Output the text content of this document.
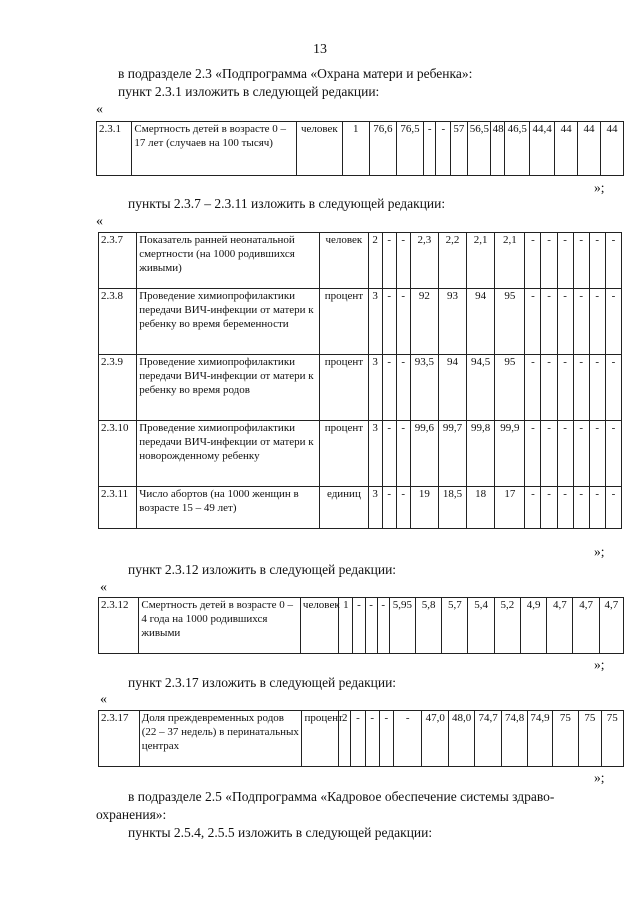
13
в подразделе 2.3 «Подпрограмма «Охрана матери и ребенка»:
пункт 2.3.1 изложить в следующей редакции:
«
2.3.1	Смертность детей в возрасте 0 – 17 лет (случаев на 100 тысяч)	человек	1	76,6	76,5	-	-	57	56,5	48	46,5	44,4	44	44	44
»;
пункты 2.3.7 – 2.3.11 изложить в следующей редакции:
«
2.3.7	Показатель ранней неонатальной смертности (на 1000 родившихся живыми)	человек	2	-	-	2,3	2,2	2,1	2,1	-	-	-	-	-	-
2.3.8	Проведение химиопрофилактики передачи ВИЧ-инфекции от матери к ребенку во время беременности	процент	3	-	-	92	93	94	95	-	-	-	-	-	-
2.3.9	Проведение химиопрофилактики передачи ВИЧ-инфекции от матери к ребенку во время родов	процент	3	-	-	93,5	94	94,5	95	-	-	-	-	-	-
2.3.10	Проведение химиопрофилактики передачи ВИЧ-инфекции от матери к новорожденному ребенку	процент	3	-	-	99,6	99,7	99,8	99,9	-	-	-	-	-	-
2.3.11	Число абортов (на 1000 женщин в возрасте 15 – 49 лет)	единиц	3	-	-	19	18,5	18	17	-	-	-	-	-	-
»;
пункт 2.3.12 изложить в следующей редакции:
«
2.3.12	Смертность детей в возрасте 0 – 4 года на 1000 родившихся живыми	человек	1	-	-	-	5,95	5,8	5,7	5,4	5,2	4,9	4,7	4,7	4,7
»;
пункт 2.3.17 изложить в следующей редакции:
«
2.3.17	Доля преждевременных родов (22 – 37 недель) в перинатальных центрах	процент	2	-	-	-	-	47,0	48,0	74,7	74,8	74,9	75	75	75
»;
в подразделе 2.5 «Подпрограмма «Кадровое обеспечение системы здраво-
охранения»:
пункты 2.5.4, 2.5.5 изложить в следующей редакции:
